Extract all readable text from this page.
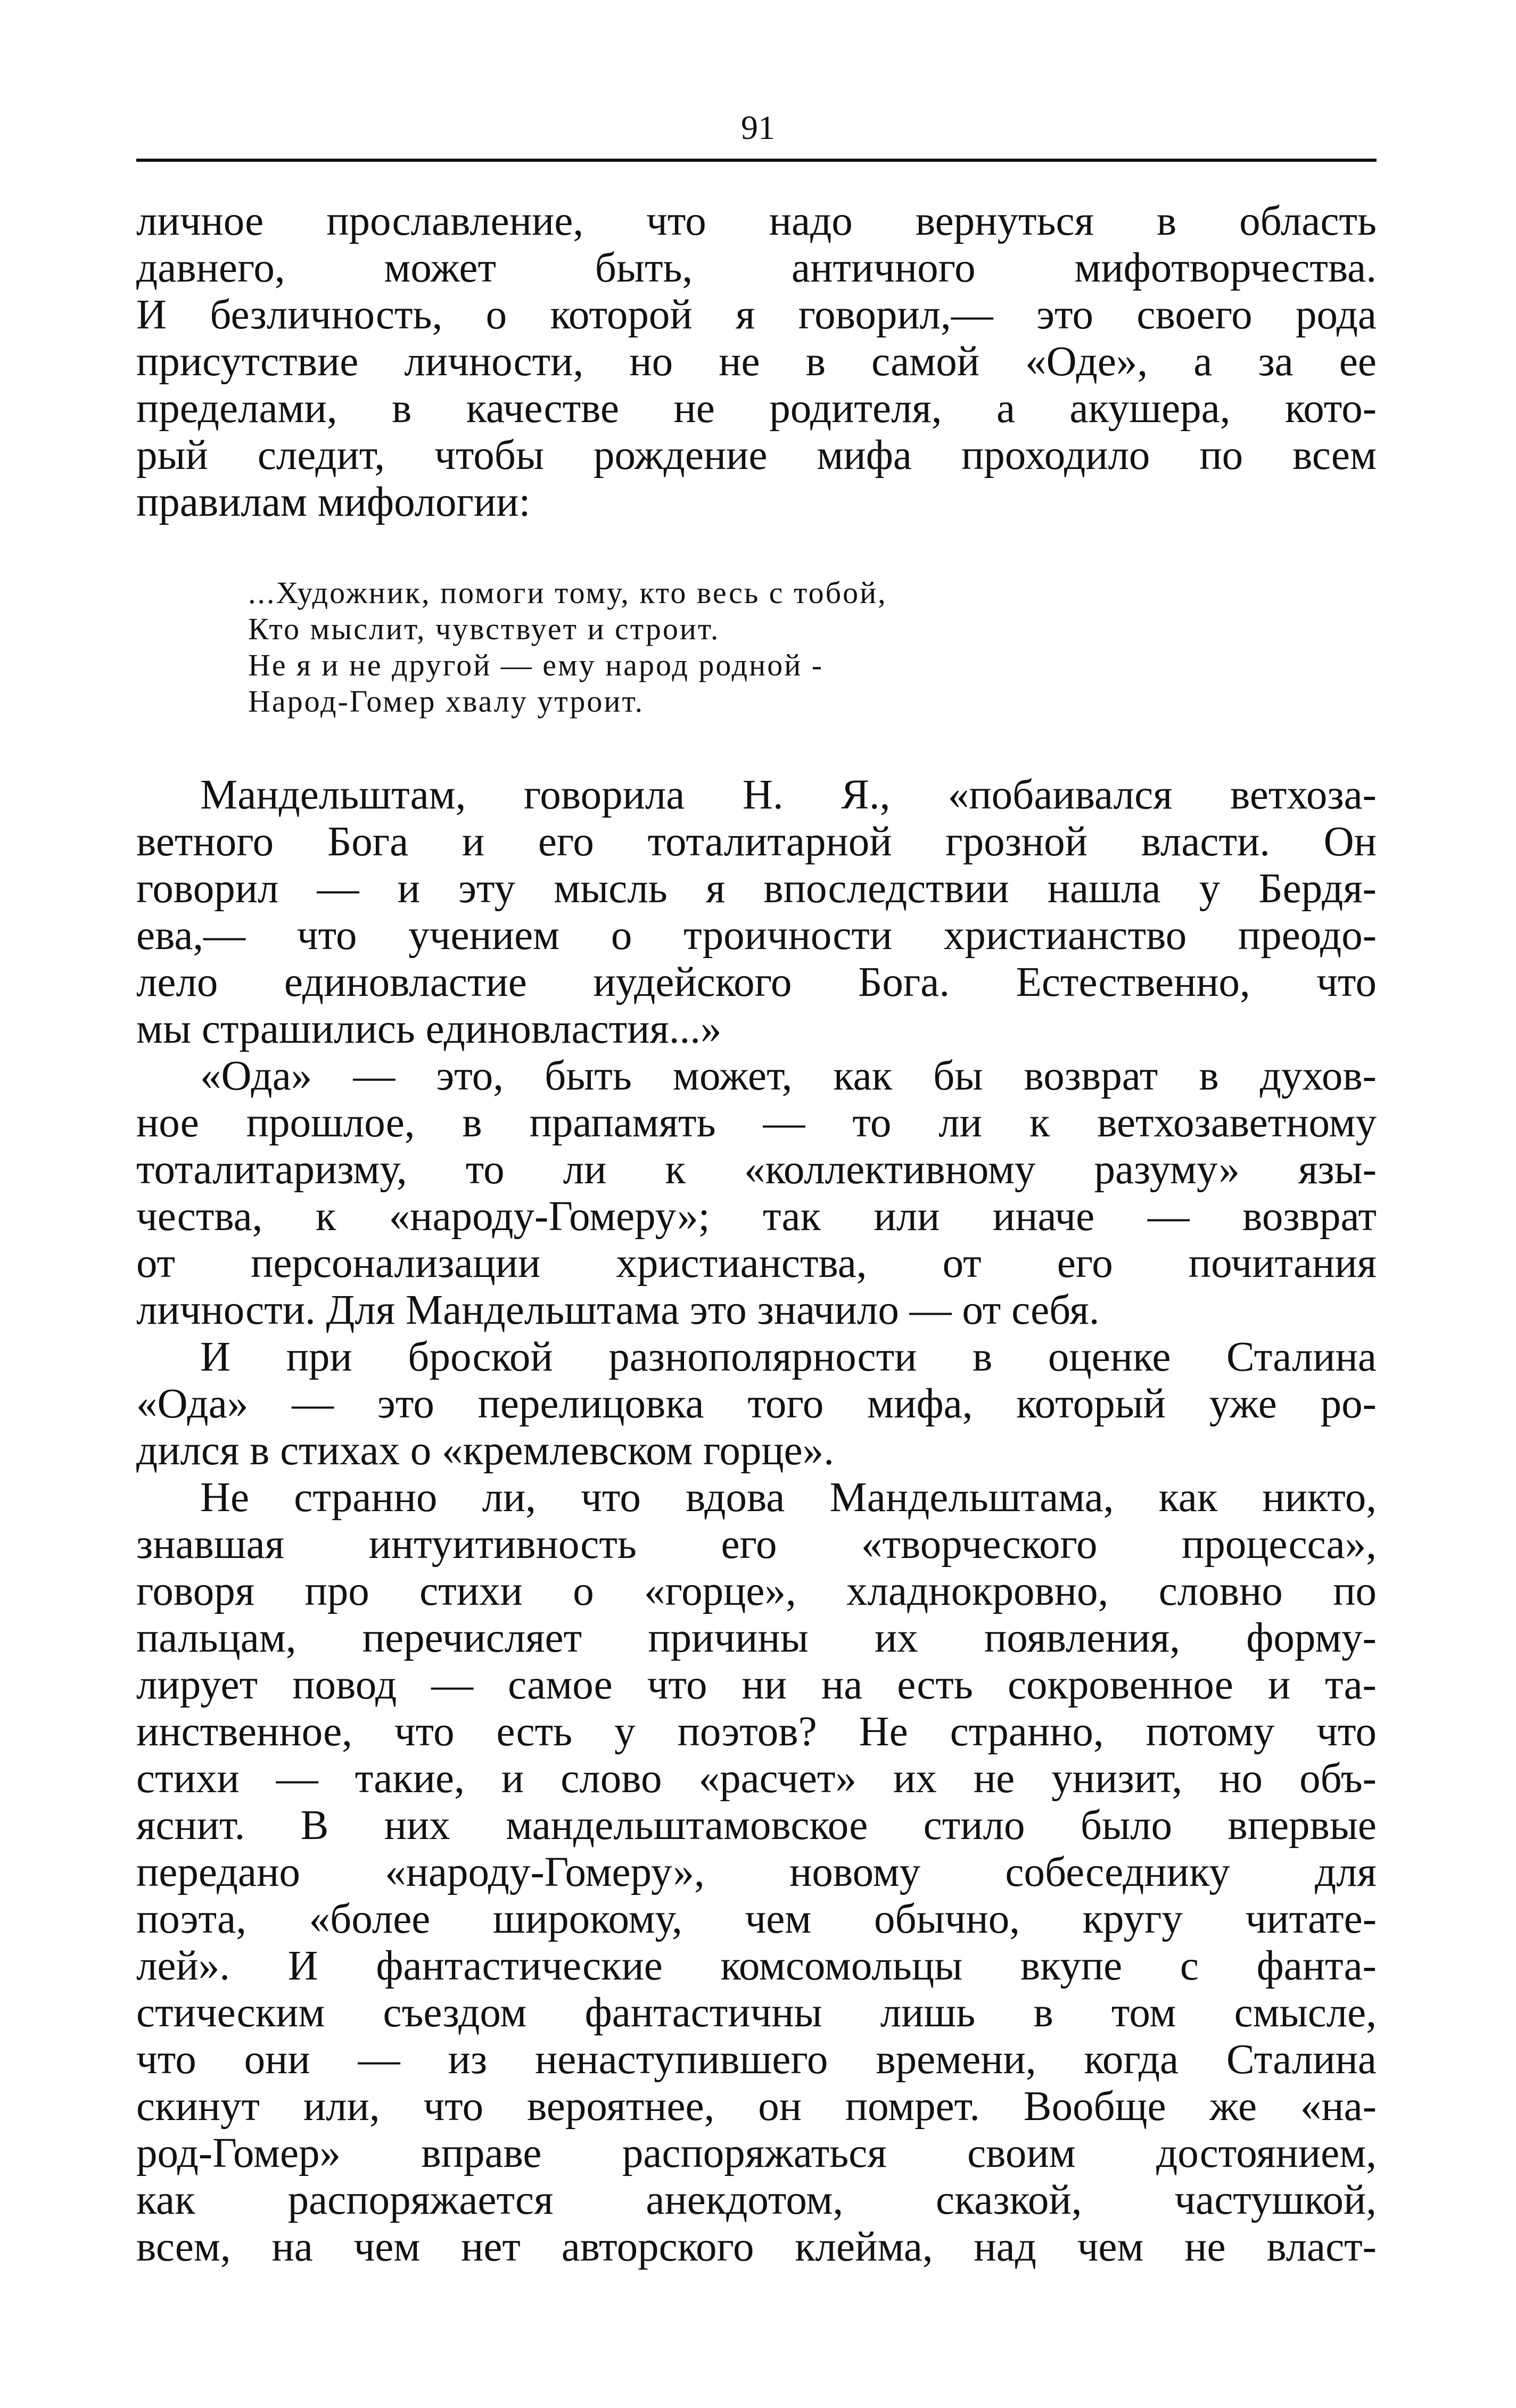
91
личное прославление, что надо вернуться в область
давнего, может быть, античного мифотворчества.
И безличность, о которой я говорил,— это своего рода
присутствие личности, но не в самой «Оде», а за ее
пределами, в качестве не родителя, а акушера, кото-
рый следит, чтобы рождение мифа проходило по всем
правилам мифологии:
...Художник, помоги тому, кто весь с тобой,
Кто мыслит, чувствует и строит.
Не я и не другой — ему народ родной -
Народ-Гомер хвалу утроит.
Мандельштам, говорила Н. Я., «побаивался ветхоза-
ветного Бога и его тоталитарной грозной власти. Он
говорил — и эту мысль я впоследствии нашла у Бердя-
ева,— что учением о троичности христианство преодо-
лело единовластие иудейского Бога. Естественно, что
мы страшились единовластия...»
«Ода» — это, быть может, как бы возврат в духов-
ное прошлое, в прапамять — то ли к ветхозаветному
тоталитаризму, то ли к «коллективному разуму» язы-
чества, к «народу-Гомеру»; так или иначе — возврат
от персонализации христианства, от его почитания
личности. Для Мандельштама это значило — от себя.
И при броской разнополярности в оценке Сталина
«Ода» — это перелицовка того мифа, который уже ро-
дился в стихах о «кремлевском горце».
Не странно ли, что вдова Мандельштама, как никто,
знавшая интуитивность его «творческого процесса»,
говоря про стихи о «горце», хладнокровно, словно по
пальцам, перечисляет причины их появления, форму-
лирует повод — самое что ни на есть сокровенное и та-
инственное, что есть у поэтов? Не странно, потому что
стихи — такие, и слово «расчет» их не унизит, но объ-
яснит. В них мандельштамовское стило было впервые
передано «народу-Гомеру», новому собеседнику для
поэта, «более широкому, чем обычно, кругу читате-
лей». И фантастические комсомольцы вкупе с фанта-
стическим съездом фантастичны лишь в том смысле,
что они — из ненаступившего времени, когда Сталина
скинут или, что вероятнее, он помрет. Вообще же «на-
род-Гомер» вправе распоряжаться своим достоянием,
как распоряжается анекдотом, сказкой, частушкой,
всем, на чем нет авторского клейма, над чем не власт-
